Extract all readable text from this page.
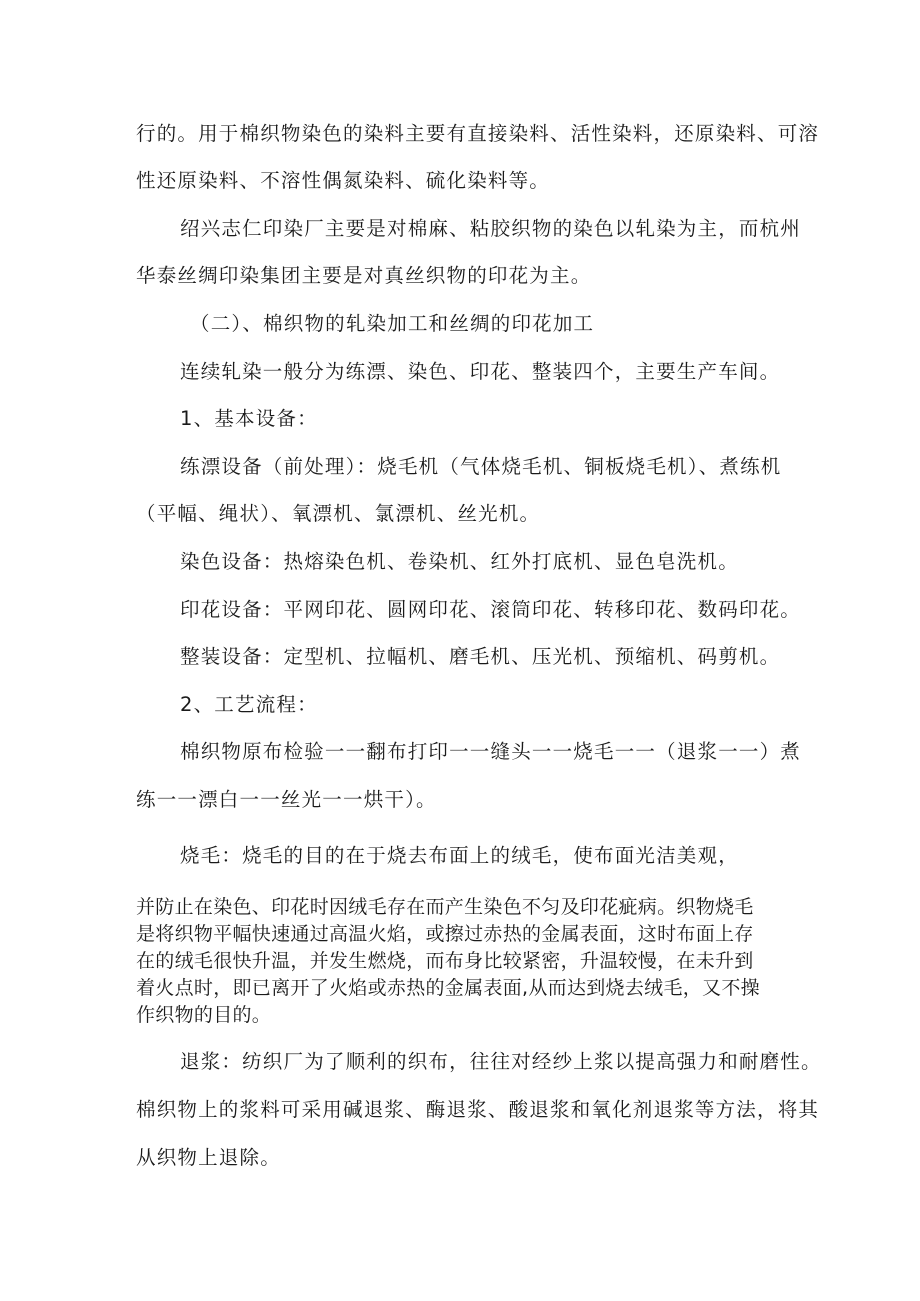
行的。用于棉织物染色的染料主要有直接染料、活性染料，还原染料、可溶
性还原染料、不溶性偶氮染料、硫化染料等。
绍兴志仁印染厂主要是对棉麻、粘胶织物的染色以轧染为主，而杭州
华泰丝绸印染集团主要是对真丝织物的印花为主。
（二）、棉织物的轧染加工和丝绸的印花加工
连续轧染一般分为练漂、染色、印花、整装四个，主要生产车间。
1、基本设备：
练漂设备（前处理）：烧毛机（气体烧毛机、铜板烧毛机）、煮练机
（平幅、绳状）、氧漂机、氯漂机、丝光机。
染色设备：热熔染色机、卷染机、红外打底机、显色皂洗机。
印花设备：平网印花、圆网印花、滚筒印花、转移印花、数码印花。
整装设备：定型机、拉幅机、磨毛机、压光机、预缩机、码剪机。
2、工艺流程：
棉织物原布检验一一翻布打印一一缝头一一烧毛一一（退浆一一）煮
练一一漂白一一丝光一一烘干）。
烧毛：烧毛的目的在于烧去布面上的绒毛，使布面光洁美观，
并防止在染色、印花时因绒毛存在而产生染色不匀及印花疵病。织物烧毛
是将织物平幅快速通过高温火焰，或擦过赤热的金属表面，这时布面上存
在的绒毛很快升温，并发生燃烧，而布身比较紧密，升温较慢，在未升到
着火点时，即已离开了火焰或赤热的金属表面,从而达到烧去绒毛，又不操
作织物的目的。
退浆：纺织厂为了顺利的织布，往往对经纱上浆以提高强力和耐磨性。
棉织物上的浆料可采用碱退浆、酶退浆、酸退浆和氧化剂退浆等方法，将其
从织物上退除。
